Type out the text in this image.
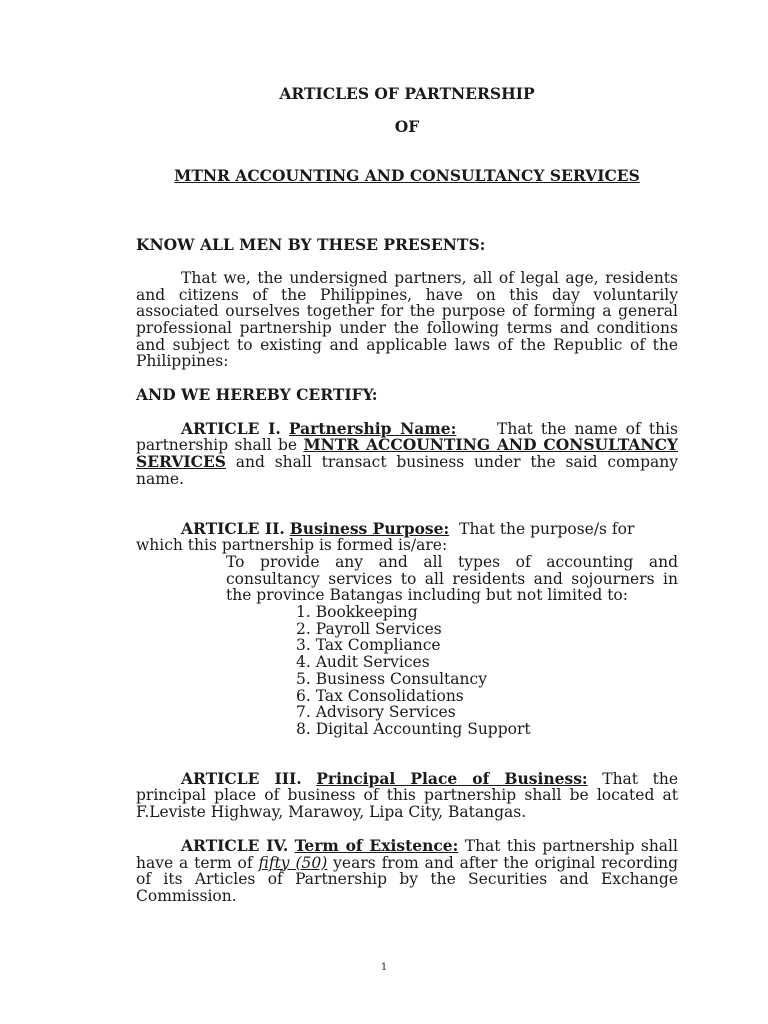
ARTICLES OF PARTNERSHIP

OF

MTNR ACCOUNTING AND CONSULTANCY SERVICES

KNOW ALL MEN BY THESE PRESENTS:

That we, the undersigned partners, all of legal age, residents and citizens of the Philippines, have on this day voluntarily associated ourselves together for the purpose of forming a general professional partnership under the following terms and conditions and subject to existing and applicable laws of the Republic of the Philippines:

AND WE HEREBY CERTIFY:

ARTICLE I. Partnership Name:	That the name of this partnership shall be MNTR ACCOUNTING AND CONSULTANCY SERVICES and shall transact business under the said company name.

ARTICLE II. Business Purpose: That the purpose/s for which this partnership is formed is/are:

To provide any and all types of accounting and consultancy services to all residents and sojourners in the province Batangas including but not limited to:

1. Bookkeeping
2. Payroll Services
3. Tax Compliance
4. Audit Services
5. Business Consultancy
6. Tax Consolidations
7. Advisory Services
8. Digital Accounting Support

ARTICLE III. Principal Place of Business: That the principal place of business of this partnership shall be located at F.Leviste Highway, Marawoy, Lipa City, Batangas.

ARTICLE IV. Term of Existence: That this partnership shall have a term of fifty (50) years from and after the original recording of its Articles of Partnership by the Securities and Exchange Commission.

1
